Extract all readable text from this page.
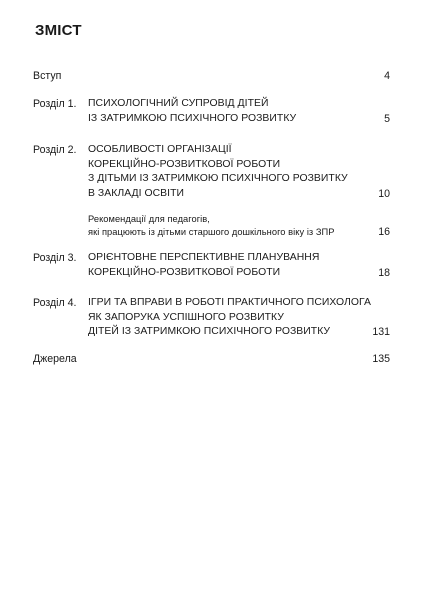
ЗМІСТ
Вступ	4
Розділ 1. ПСИХОЛОГІЧНИЙ СУПРОВІД ДІТЕЙ
ІЗ ЗАТРИМКОЮ ПСИХІЧНОГО РОЗВИТКУ	5
Розділ 2. ОСОБЛИВОСТІ ОРГАНІЗАЦІЇ
КОРЕКЦІЙНО-РОЗВИТКОВОЇ РОБОТИ
З ДІТЬМИ ІЗ ЗАТРИМКОЮ ПСИХІЧНОГО РОЗВИТКУ
В ЗАКЛАДІ ОСВІТИ	10
Рекомендації для педагогів,
які працюють із дітьми старшого дошкільного віку із ЗПР	16
Розділ 3. ОРІЄНТОВНЕ ПЕРСПЕКТИВНЕ ПЛАНУВАННЯ
КОРЕКЦІЙНО-РОЗВИТКОВОЇ РОБОТИ	18
Розділ 4. ІГРИ ТА ВПРАВИ В РОБОТІ ПРАКТИЧНОГО ПСИХОЛОГА
ЯК ЗАПОРУКА УСПІШНОГО РОЗВИТКУ
ДІТЕЙ ІЗ ЗАТРИМКОЮ ПСИХІЧНОГО РОЗВИТКУ	131
Джерела	135
